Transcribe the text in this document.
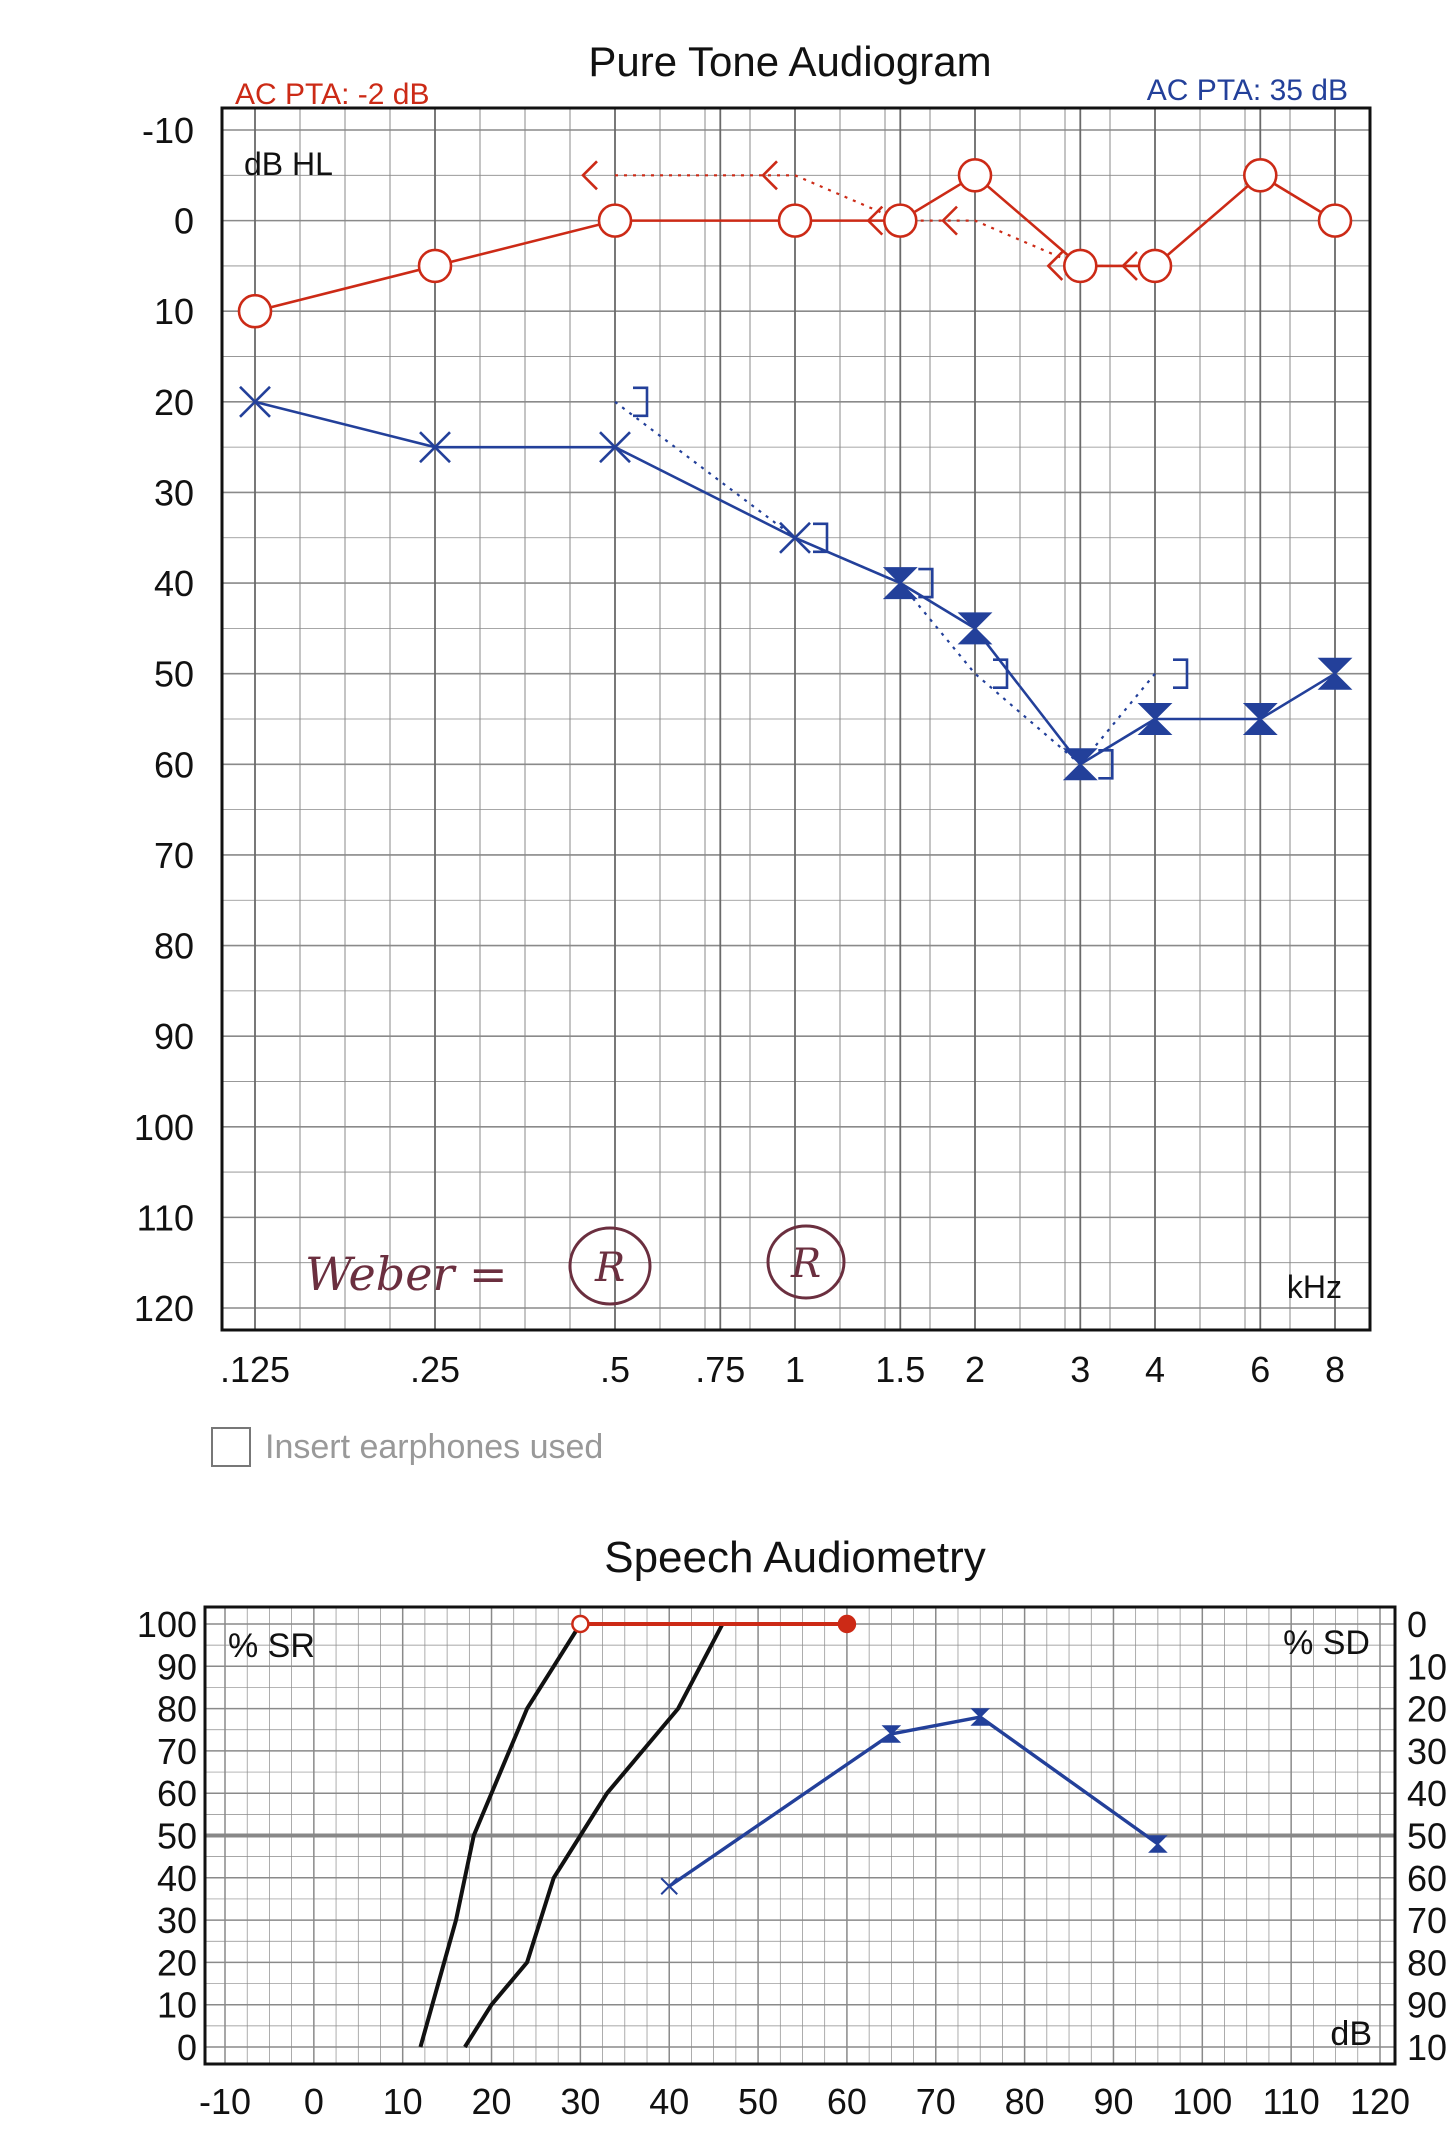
Pure Tone Audiogram
AC PTA: -2 dB	AC PTA: 35 dB
-10
0
10
20
30
40
50
60
70
80
90
100
110
120
.125	.25	.5 .75 1 1.5 2 3 4 6 8
dB HL
kHz
Weber = R	R
Insert earphones used
Speech Audiometry
100
90
80
70
60
50
40
30
20
10
0
0
10
20
30
40
50
60
70
80
90
10
-10 0 10 20 30 40 50 60 70 80 90 100 110 120
% SR	% SD
dB
